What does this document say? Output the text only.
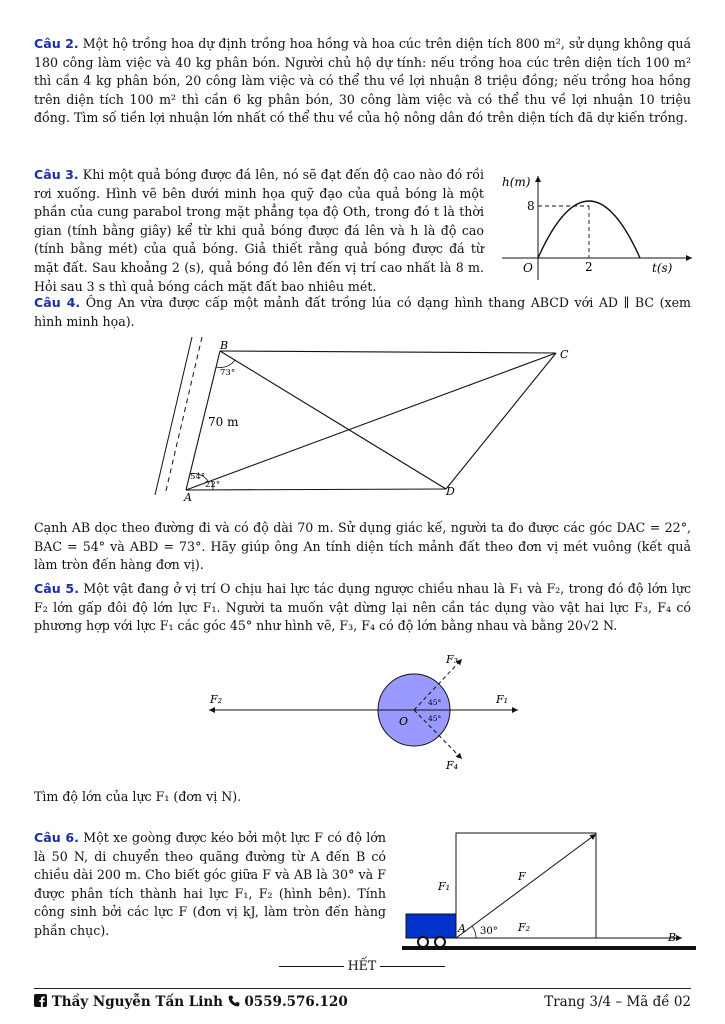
Câu 2. Một hộ trồng hoa dự định trồng hoa hồng và hoa cúc trên diện tích 800 m², sử dụng không quá 180 công làm việc và 40 kg phân bón. Người chủ hộ dự tính: nếu trồng hoa cúc trên diện tích 100 m² thì cần 4 kg phân bón, 20 công làm việc và có thể thu về lợi nhuận 8 triệu đồng; nếu trồng hoa hồng trên diện tích 100 m² thì cần 6 kg phân bón, 30 công làm việc và có thể thu về lợi nhuận 10 triệu đồng. Tìm số tiền lợi nhuận lớn nhất có thể thu về của hộ nông dân đó trên diện tích đã dự kiến trồng.

Câu 3. Khi một quả bóng được đá lên, nó sẽ đạt đến độ cao nào đó rồi rơi xuống. Hình vẽ bên dưới minh họa quỹ đạo của quả bóng là một phần của cung parabol trong mặt phẳng tọa độ Oth, trong đó t là thời gian (tính bằng giây) kể từ khi quả bóng được đá lên và h là độ cao (tính bằng mét) của quả bóng. Giả thiết rằng quả bóng được đá từ mặt đất. Sau khoảng 2 (s), quả bóng đó lên đến vị trí cao nhất là 8 m. Hỏi sau 3 s thì quả bóng cách mặt đất bao nhiêu mét.

h(m)
t(s)
O	2
8

Câu 4. Ông An vừa được cấp một mảnh đất trồng lúa có dạng hình thang ABCD với AD ∥ BC (xem hình minh họa).

B
C
D
A
70 m
73°
54°
22°

Cạnh AB dọc theo đường đi và có độ dài 70 m. Sử dụng giác kế, người ta đo được các góc DAC = 22°, BAC = 54° và ABD = 73°. Hãy giúp ông An tính diện tích mảnh đất theo đơn vị mét vuông (kết quả làm tròn đến hàng đơn vị).

Câu 5. Một vật đang ở vị trí O chịu hai lực tác dụng ngược chiều nhau là F₁ và F₂, trong đó độ lớn lực F₂ lớn gấp đôi độ lớn lực F₁. Người ta muốn vật dừng lại nên cần tác dụng vào vật hai lực F₃, F₄ có phương hợp với lực F₁ các góc 45° như hình vẽ, F₃, F₄ có độ lớn bằng nhau và bằng 20√2 N.

F₁
F₂
F₃
F₄
O
45°
45°

Tìm độ lớn của lực F₁ (đơn vị N).

Câu 6. Một xe goòng được kéo bởi một lực F có độ lớn là 50 N, di chuyển theo quãng đường từ A đến B có chiều dài 200 m. Cho biết góc giữa F và AB là 30° và F được phân tích thành hai lực F₁, F₂ (hình bên). Tính công sinh bởi các lực F (đơn vị kJ, làm tròn đến hàng phần chục).	A
B
30°
F
F₁
F₂
HẾT
Thầy Nguyễn Tấn Linh 0559.576.120	Trang 3/4 – Mã đề 02
